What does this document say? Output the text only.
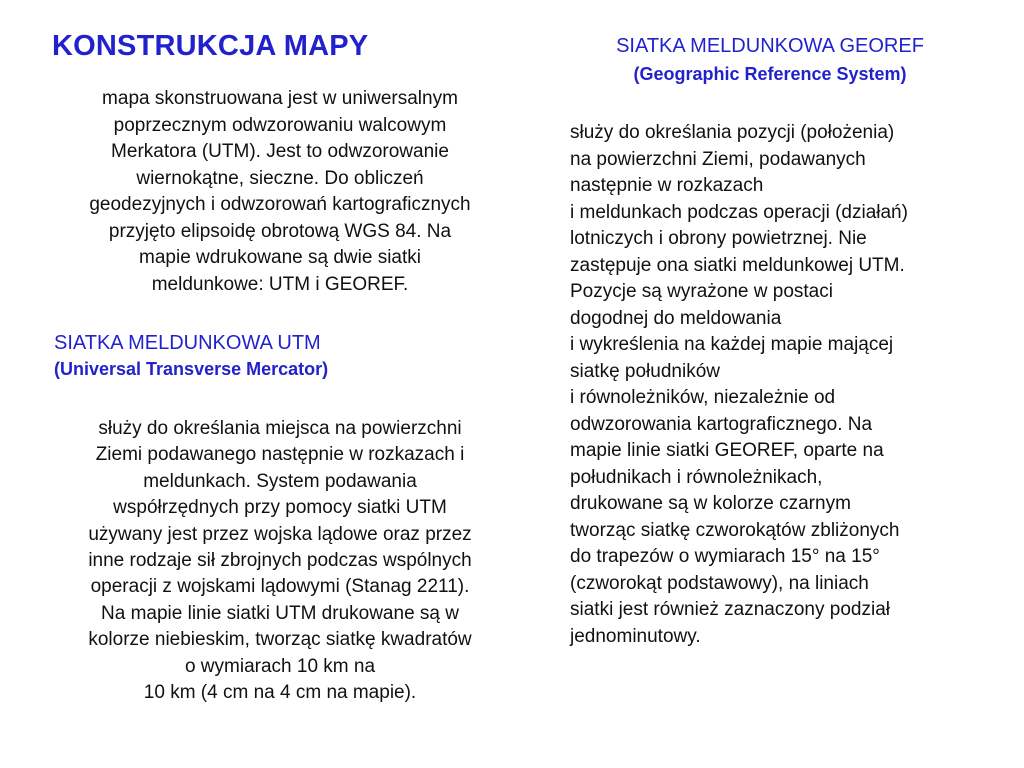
KONSTRUKCJA MAPY
mapa skonstruowana jest w uniwersalnym
poprzecznym odwzorowaniu walcowym
Merkatora (UTM). Jest to odwzorowanie
wiernokątne, sieczne. Do obliczeń
geodezyjnych i odwzorowań kartograficznych
przyjęto elipsoidę obrotową WGS 84. Na
mapie wdrukowane są dwie siatki
meldunkowe: UTM i GEOREF.
SIATKA MELDUNKOWA UTM
(Universal Transverse Mercator)
służy do określania miejsca na powierzchni
Ziemi podawanego następnie w rozkazach i
meldunkach. System podawania
współrzędnych przy pomocy siatki UTM
używany jest przez wojska lądowe oraz przez
inne rodzaje sił zbrojnych podczas wspólnych
operacji z wojskami lądowymi (Stanag 2211).
Na mapie linie siatki UTM drukowane są w
kolorze niebieskim, tworząc siatkę kwadratów
o wymiarach 10 km na
10 km (4 cm na 4 cm na mapie).
SIATKA MELDUNKOWA GEOREF
(Geographic Reference System)
służy do określania pozycji (położenia)
na powierzchni Ziemi, podawanych
następnie w rozkazach
i meldunkach podczas operacji (działań)
lotniczych i obrony powietrznej. Nie
zastępuje ona siatki meldunkowej UTM.
Pozycje są wyrażone w postaci
dogodnej do meldowania
i wykreślenia na każdej mapie mającej
siatkę południków
i równoleżników, niezależnie od
odwzorowania kartograficznego. Na
mapie linie siatki GEOREF, oparte na
południkach i równoleżnikach,
drukowane są w kolorze czarnym
tworząc siatkę czworokątów zbliżonych
do trapezów o wymiarach 15° na 15°
(czworokąt podstawowy), na liniach
siatki jest również zaznaczony podział
jednominutowy.
